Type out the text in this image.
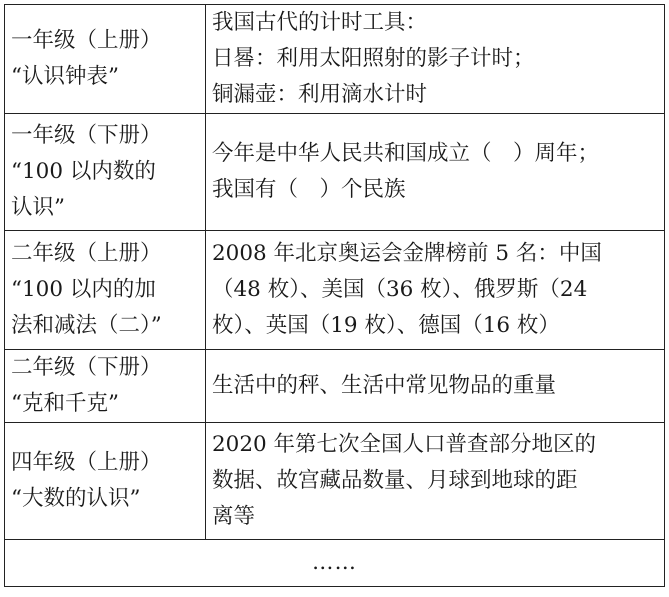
一年级（上册）
“认识钟表”	我国古代的计时工具：
日晷：利用太阳照射的影子计时；
铜漏壶：利用滴水计时

一年级（下册）
“100 以内数的
认识”	今年是中华人民共和国成立（　）周年；
我国有（　）个民族

二年级（上册）
“100 以内的加
法和减法（二）”	2008 年北京奥运会金牌榜前 5 名：中国
（48 枚）、美国（36 枚）、俄罗斯（24
枚）、英国（19 枚）、德国（16 枚）

二年级（下册）
“克和千克”	生活中的秤、生活中常见物品的重量

四年级（上册）
“大数的认识”	2020 年第七次全国人口普查部分地区的
数据、故宫藏品数量、月球到地球的距
离等

……	
